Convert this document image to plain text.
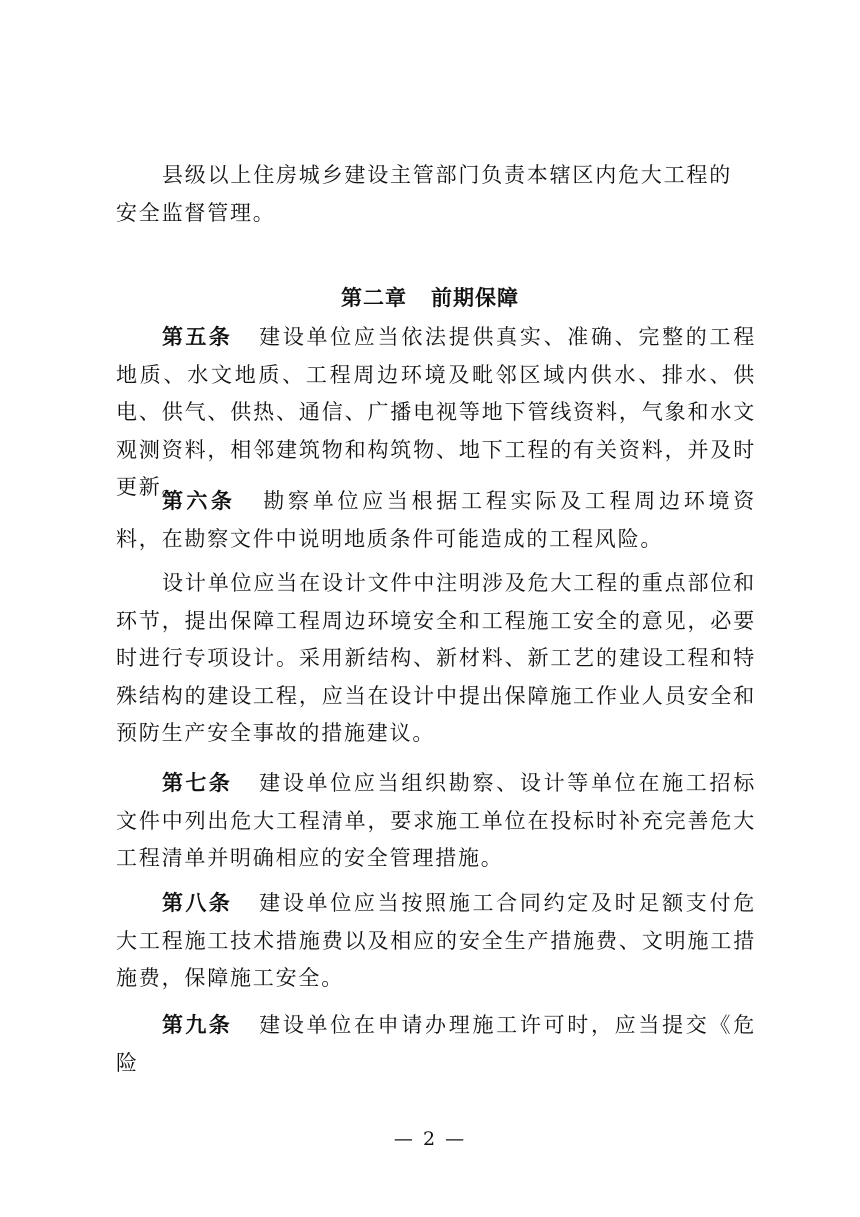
县级以上住房城乡建设主管部门负责本辖区内危大工程的

安全监督管理。

第二章 前期保障

第五条 建设单位应当依法提供真实、准确、完整的工程地质、水文地质、工程周边环境及毗邻区域内供水、排水、供电、供气、供热、通信、广播电视等地下管线资料，气象和水文观测资料，相邻建筑物和构筑物、地下工程的有关资料，并及时更新。

第六条 勘察单位应当根据工程实际及工程周边环境资料，在勘察文件中说明地质条件可能造成的工程风险。

设计单位应当在设计文件中注明涉及危大工程的重点部位和环节，提出保障工程周边环境安全和工程施工安全的意见，必要时进行专项设计。采用新结构、新材料、新工艺的建设工程和特殊结构的建设工程，应当在设计中提出保障施工作业人员安全和预防生产安全事故的措施建议。

第七条 建设单位应当组织勘察、设计等单位在施工招标文件中列出危大工程清单，要求施工单位在投标时补充完善危大工程清单并明确相应的安全管理措施。

第八条 建设单位应当按照施工合同约定及时足额支付危大工程施工技术措施费以及相应的安全生产措施费、文明施工措施费，保障施工安全。

第九条 建设单位在申请办理施工许可时，应当提交《危险

— 2 —
